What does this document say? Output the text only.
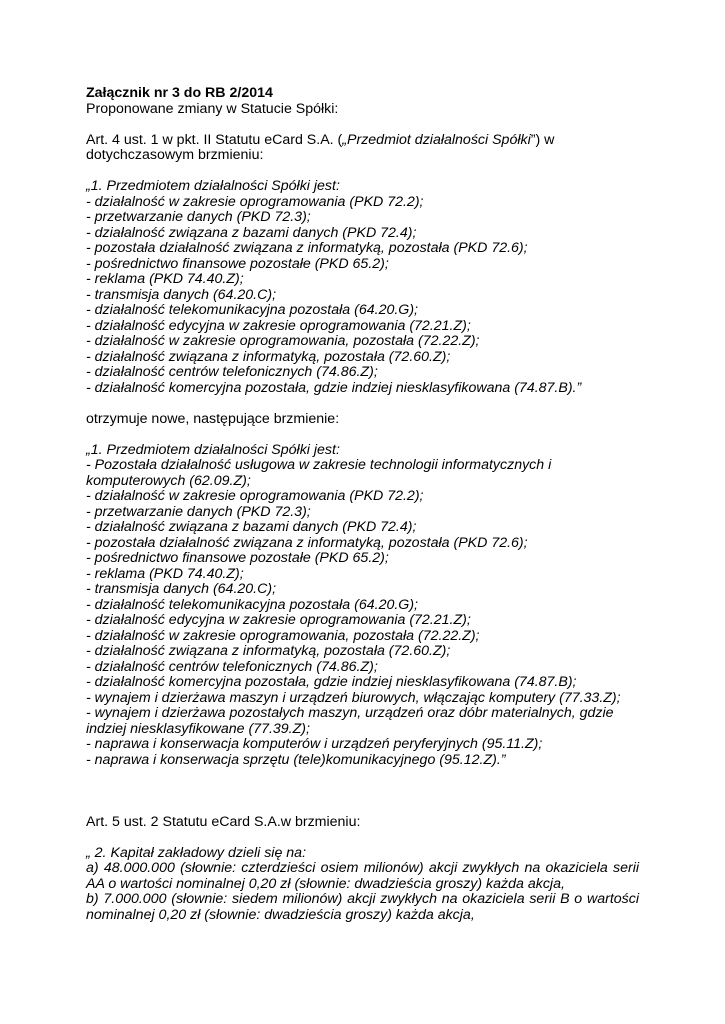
Załącznik nr 3 do RB 2/2014
Proponowane zmiany w Statucie Spółki:
Art. 4 ust. 1 w pkt. II Statutu eCard S.A. („Przedmiot działalności Spółki”) w dotychczasowym brzmieniu:
„1. Przedmiotem działalności Spółki jest:
- działalność w zakresie oprogramowania (PKD 72.2);
- przetwarzanie danych (PKD 72.3);
- działalność związana z bazami danych (PKD 72.4);
- pozostała działalność związana z informatyką, pozostała (PKD 72.6);
- pośrednictwo finansowe pozostałe (PKD 65.2);
- reklama (PKD 74.40.Z);
- transmisja danych (64.20.C);
- działalność telekomunikacyjna pozostała (64.20.G);
- działalność edycyjna w zakresie oprogramowania (72.21.Z);
- działalność w zakresie oprogramowania, pozostała (72.22.Z);
- działalność związana z informatyką, pozostała (72.60.Z);
- działalność centrów telefonicznych (74.86.Z);
- działalność komercyjna pozostała, gdzie indziej niesklasyfikowana (74.87.B).”
otrzymuje nowe, następujące brzmienie:
„1. Przedmiotem działalności Spółki jest:
- Pozostała działalność usługowa w zakresie technologii informatycznych i komputerowych (62.09.Z);
- działalność w zakresie oprogramowania (PKD 72.2);
- przetwarzanie danych (PKD 72.3);
- działalność związana z bazami danych (PKD 72.4);
- pozostała działalność związana z informatyką, pozostała (PKD 72.6);
- pośrednictwo finansowe pozostałe (PKD 65.2);
- reklama (PKD 74.40.Z);
- transmisja danych (64.20.C);
- działalność telekomunikacyjna pozostała (64.20.G);
- działalność edycyjna w zakresie oprogramowania (72.21.Z);
- działalność w zakresie oprogramowania, pozostała (72.22.Z);
- działalność związana z informatyką, pozostała (72.60.Z);
- działalność centrów telefonicznych (74.86.Z);
- działalność komercyjna pozostała, gdzie indziej niesklasyfikowana (74.87.B);
- wynajem i dzierżawa maszyn i urządzeń biurowych, włączając komputery (77.33.Z);
- wynajem i dzierżawa pozostałych maszyn, urządzeń oraz dóbr materialnych, gdzie indziej niesklasyfikowane (77.39.Z);
- naprawa i konserwacja komputerów i urządzeń peryferyjnych (95.11.Z);
- naprawa i konserwacja sprzętu (tele)komunikacyjnego (95.12.Z).”
Art. 5 ust. 2 Statutu eCard S.A.w brzmieniu:
„ 2. Kapitał zakładowy dzieli się na:
a) 48.000.000 (słownie: czterdzieści osiem milionów) akcji zwykłych na okaziciela serii AA o wartości nominalnej 0,20 zł (słownie: dwadzieścia groszy) każda akcja,
b) 7.000.000 (słownie: siedem milionów) akcji zwykłych na okaziciela serii B o wartości nominalnej 0,20 zł (słownie: dwadzieścia groszy) każda akcja,
